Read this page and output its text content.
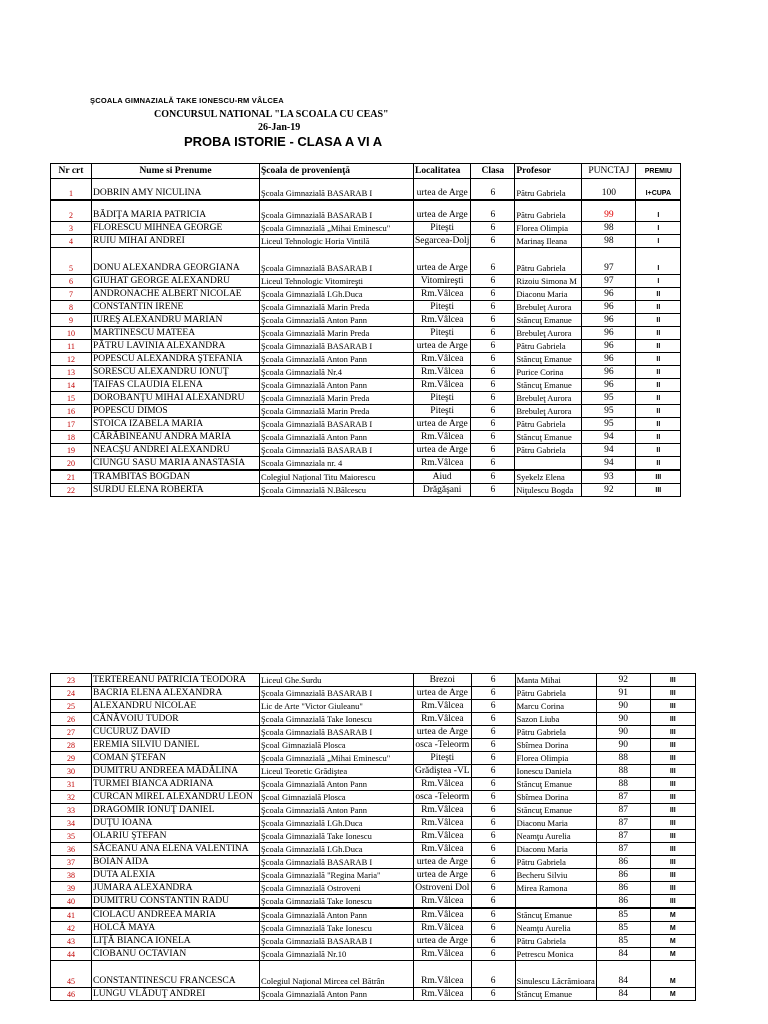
ŞCOALA GIMNAZIALĂ TAKE IONESCU-RM VÂLCEA
CONCURSUL NATIONAL "LA SCOALA CU CEAS"
26-Jan-19
PROBA ISTORIE - CLASA A VI A
Nr crt	Nume si Prenume	Şcoala de provenienţă	Localitatea	Clasa	Profesor	PUNCTAJ	PREMIU
1	DOBRIN AMY NICULINA	Şcoala Gimnazială BASARAB I	urtea de Arge	6	Pătru Gabriela	100	I+CUPA
2	BĂDIŢA MARIA PATRICIA	Şcoala Gimnazială BASARAB I	urtea de Arge	6	Pătru Gabriela	99	I
3	FLORESCU MIHNEA GEORGE	Şcoala Gimnazială „Mihai Eminescu"	Piteşti	6	Florea Olimpia	98	I
4	RUIU MIHAI ANDREI	Liceul Tehnologic Horia Vintilă	Segarcea-Dolj	6	Marinaş Ileana	98	I
5	DONU ALEXANDRA GEORGIANA	Şcoala Gimnazială BASARAB I	urtea de Arge	6	Pătru Gabriela	97	I
6	GIUHAT GEORGE ALEXANDRU	Liceul Tehnologic Vitomireşti	Vitomireşti	6	Rizoiu Simona M	97	I
7	ANDRONACHE ALBERT NICOLAE	Şcoala Gimnazială I.Gh.Duca	Rm.Vâlcea	6	Diaconu Maria	96	II
8	CONSTANTIN IRENE	Şcoala Gimnazială Marin Preda	Piteşti	6	Brebuleţ Aurora	96	II
9	IUREŞ ALEXANDRU MARIAN	Şcoala Gimnazială Anton Pann	Rm.Vâlcea	6	Stăncuţ Emanue	96	II
10	MARTINESCU MATEEA	Şcoala Gimnazială Marin Preda	Piteşti	6	Brebuleţ Aurora	96	II
11	PĂTRU LAVINIA ALEXANDRA	Şcoala Gimnazială BASARAB I	urtea de Arge	6	Pătru Gabriela	96	II
12	POPESCU ALEXANDRA ŞTEFANIA	Şcoala Gimnazială Anton Pann	Rm.Vâlcea	6	Stăncuţ Emanue	96	II
13	SORESCU ALEXANDRU IONUŢ	Şcoala Gimnazială Nr.4	Rm.Vâlcea	6	Purice Corina	96	II
14	TAIFAS CLAUDIA ELENA	Şcoala Gimnazială Anton Pann	Rm.Vâlcea	6	Stăncuţ Emanue	96	II
15	DOROBANŢU MIHAI ALEXANDRU	Şcoala Gimnazială Marin Preda	Piteşti	6	Brebuleţ Aurora	95	II
16	POPESCU DIMOS	Şcoala Gimnazială Marin Preda	Piteşti	6	Brebuleţ Aurora	95	II
17	STOICA IZABELA MARIA	Şcoala Gimnazială BASARAB I	urtea de Arge	6	Pătru Gabriela	95	II
18	CĂRĂBINEANU ANDRA MARIA	Şcoala Gimnazială Anton Pann	Rm.Vâlcea	6	Stăncuţ Emanue	94	II
19	NEACŞU ANDREI ALEXANDRU	Şcoala Gimnazială BASARAB I	urtea de Arge	6	Pătru Gabriela	94	II
20	CIUNGU SASU MARIA ANASTASIA	Scoala Gimnaziala nr. 4	Rm.Vâlcea	6		94	II
21	TRAMBITAS BOGDAN	Colegiul Naţional Titu Maiorescu	Aiud	6	Syekelz Elena	93	III
22	SURDU ELENA ROBERTA	Şcoala Gimnazială N.Bălcescu	Drăgăşani	6	Niţulescu Bogda	92	III
23	TERTEREANU PATRICIA TEODORA	Liceul Ghe.Surdu	Brezoi	6	Manta Mihai	92	III
24	BACRIA ELENA ALEXANDRA	Şcoala Gimnazială BASARAB I	urtea de Arge	6	Pătru Gabriela	91	III
25	ALEXANDRU NICOLAE	Lic de Arte "Victor Giuleanu"	Rm.Vâlcea	6	Marcu Corina	90	III
26	CĂNĂVOIU TUDOR	Şcoala Gimnazială Take Ionescu	Rm.Vâlcea	6	Sazon Liuba	90	III
27	CUCURUZ DAVID	Şcoala Gimnazială BASARAB I	urtea de Arge	6	Pătru Gabriela	90	III
28	EREMIA SILVIU DANIEL	Şcoal Gimnazială Plosca	osca -Teleorm	6	Sbîrnea Dorina	90	III
29	COMAN ŞTEFAN	Şcoala Gimnazială „Mihai Eminescu"	Piteşti	6	Florea Olimpia	88	III
30	DUMITRU ANDREEA MĂDĂLINA	Liceul Teoretic Grădiştea	Grădiştea -VL	6	Ionescu Daniela	88	III
31	TURMEI BIANCA ADRIANA	Şcoala Gimnazială Anton Pann	Rm.Vâlcea	6	Stăncuţ Emanue	88	III
32	CURCAN MIREL ALEXANDRU LEON	Şcoal Gimnazială Plosca	osca -Teleorm	6	Sbîrnea Dorina	87	III
33	DRAGOMIR IONUŢ DANIEL	Şcoala Gimnazială Anton Pann	Rm.Vâlcea	6	Stăncuţ Emanue	87	III
34	DUŢU IOANA	Şcoala Gimnazială I.Gh.Duca	Rm.Vâlcea	6	Diaconu Maria	87	III
35	OLARIU ŞTEFAN	Şcoala Gimnazială Take Ionescu	Rm.Vâlcea	6	Neamţu Aurelia	87	III
36	SĂCEANU ANA ELENA VALENTINA	Şcoala Gimnazială I.Gh.Duca	Rm.Vâlcea	6	Diaconu Maria	87	III
37	BOIAN AIDA	Şcoala Gimnazială BASARAB I	urtea de Arge	6	Pătru Gabriela	86	III
38	DUTA ALEXIA	Şcoala Gimnazială "Regina Maria"	urtea de Arge	6	Becheru Silviu	86	III
39	JUMARA ALEXANDRA	Şcoala Gimnazială Ostroveni	Ostroveni Dol	6	Mirea Ramona	86	III
40	DUMITRU CONSTANTIN RADU	Şcoala Gimnazială Take Ionescu	Rm.Vâlcea	6		86	III
41	CIOLACU ANDREEA MARIA	Şcoala Gimnazială Anton Pann	Rm.Vâlcea	6	Stăncuţ Emanue	85	M
42	HOLCĂ MAYA	Şcoala Gimnazială Take Ionescu	Rm.Vâlcea	6	Neamţu Aurelia	85	M
43	LIŢĂ BIANCA IONELA	Şcoala Gimnazială BASARAB I	urtea de Arge	6	Pătru Gabriela	85	M
44	CIOBANU OCTAVIAN	Şcoala Gimnazială Nr.10	Rm.Vâlcea	6	Petrescu Monica	84	M
45	CONSTANTINESCU FRANCESCA	Colegiul Naţional Mircea cel Bătrân	Rm.Vâlcea	6	Sinulescu Lăcrămioara	84	M
46	LUNGU VLĂDUŢ ANDREI	Şcoala Gimnazială Anton Pann	Rm.Vâlcea	6	Stăncuţ Emanue	84	M
